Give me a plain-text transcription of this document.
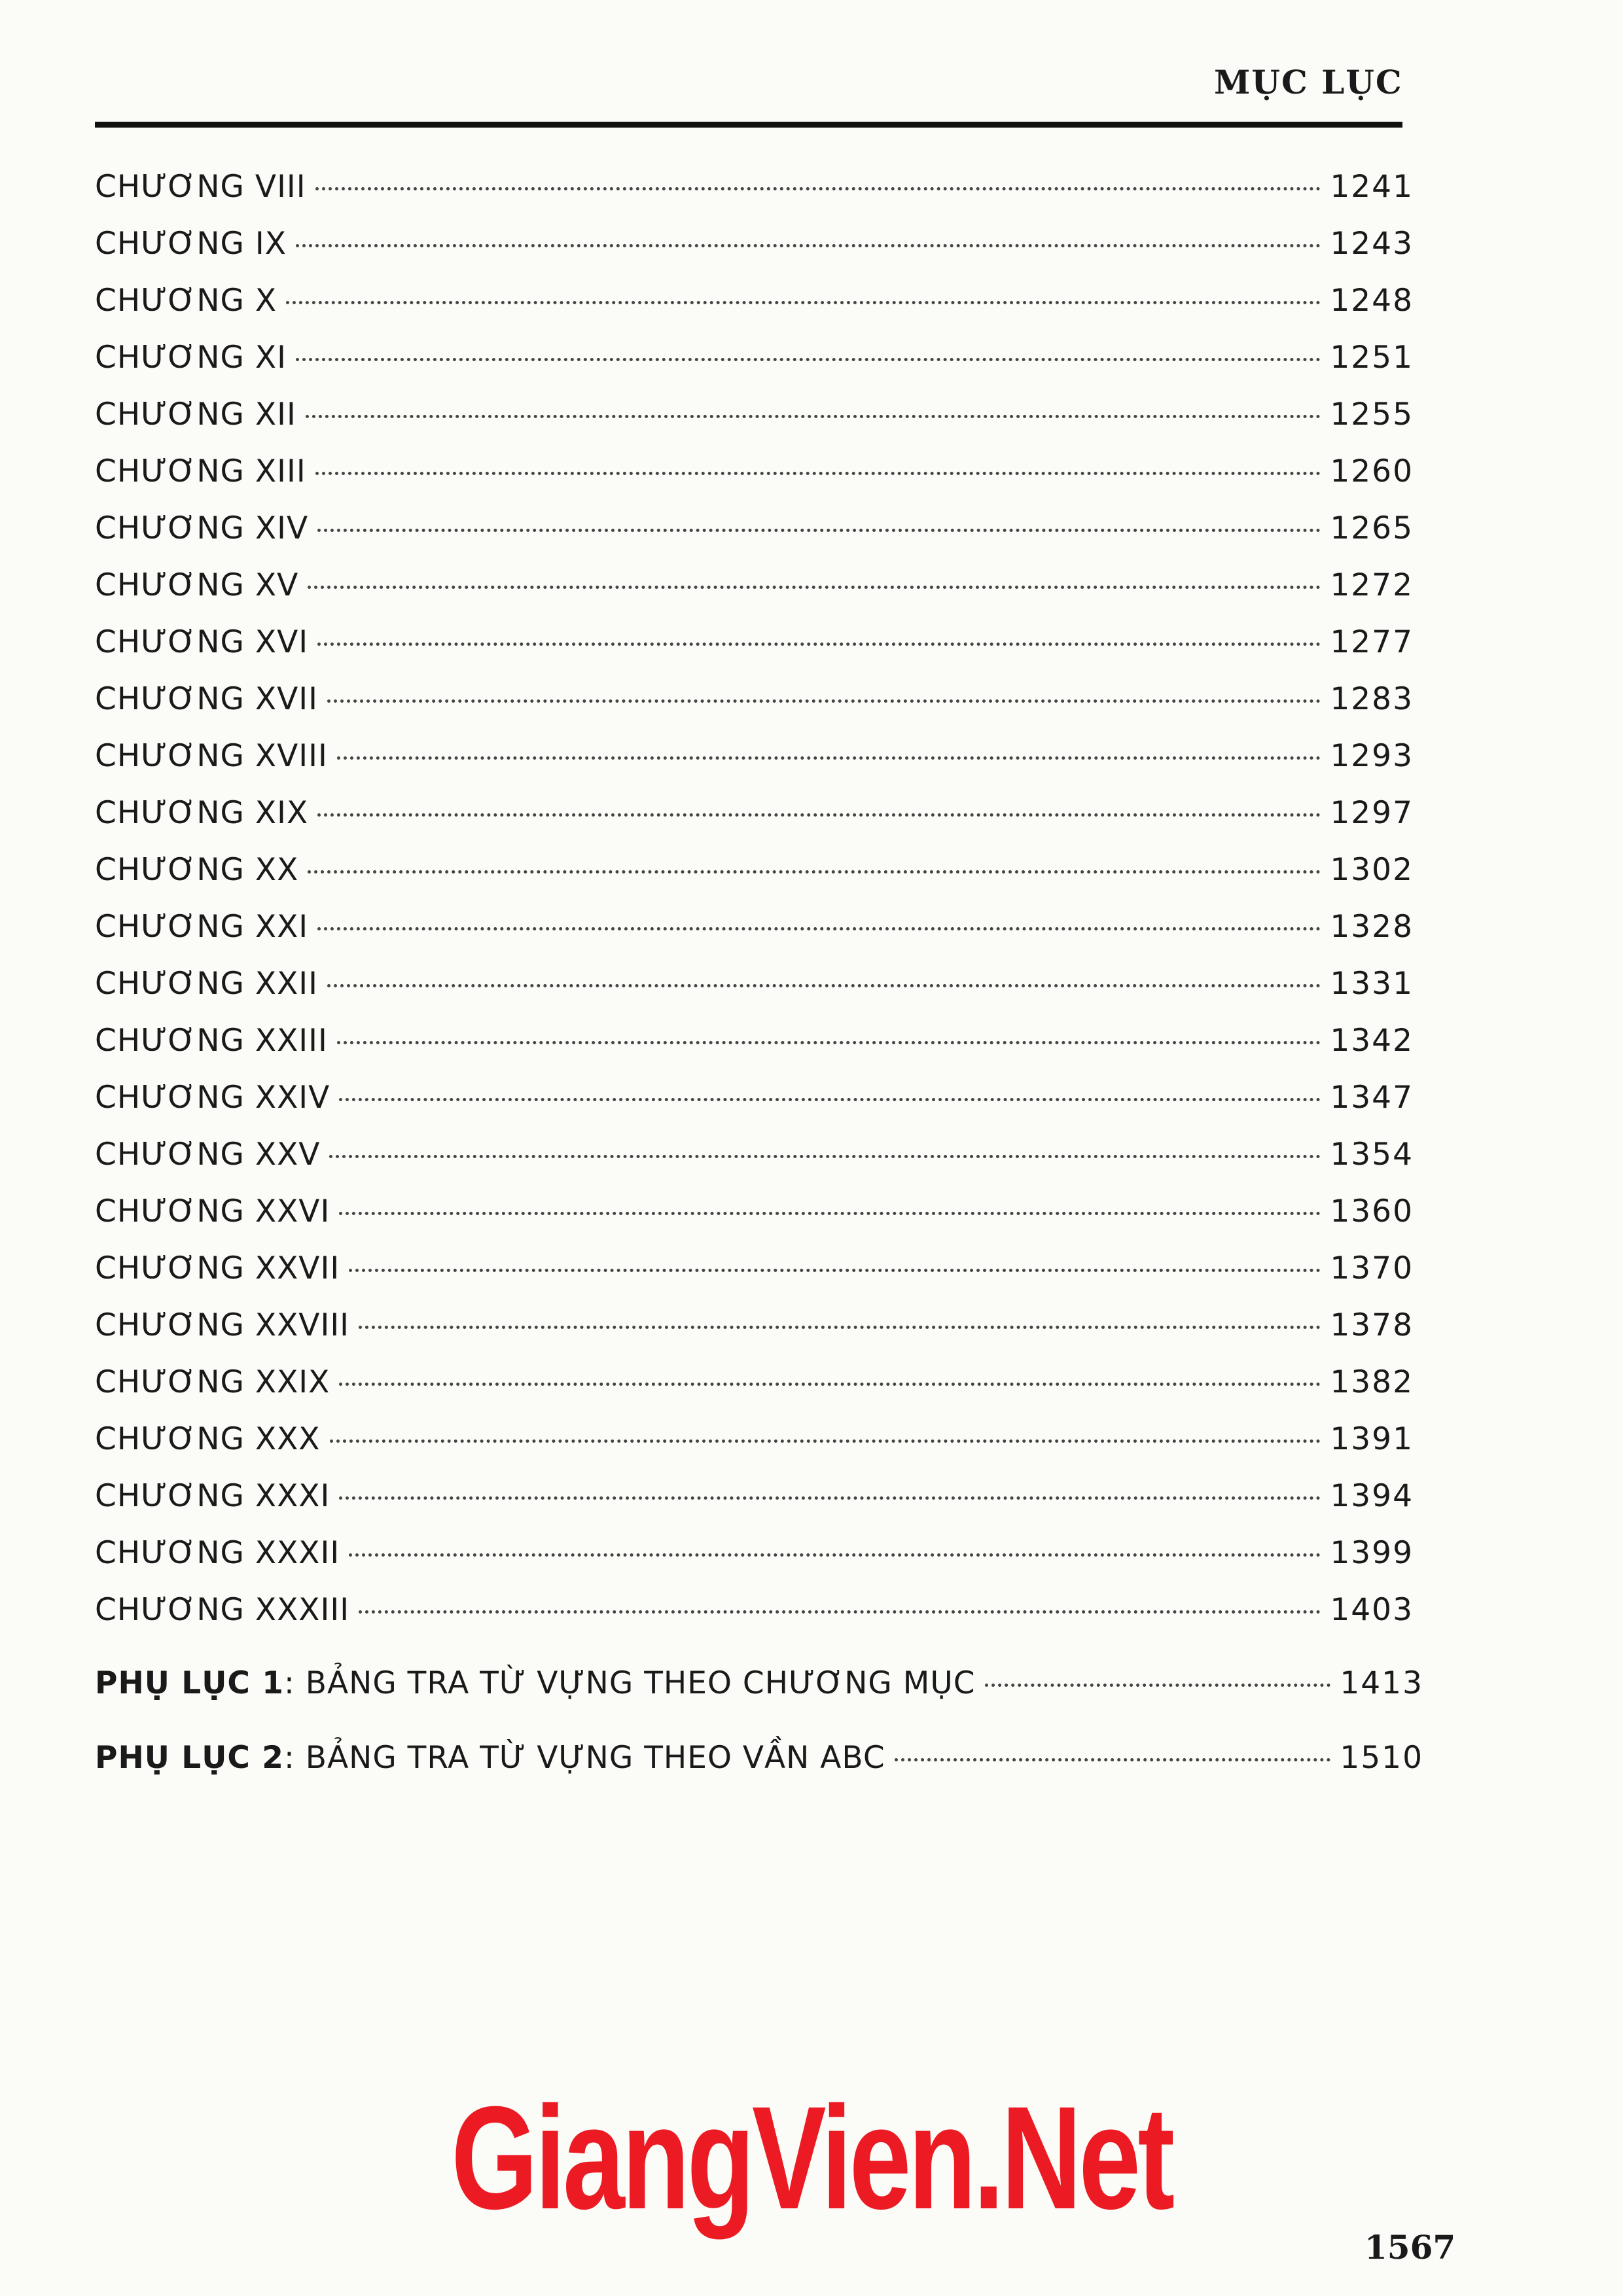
MỤC LỤC
CHƯƠNG VIII	1241
CHƯƠNG IX	1243
CHƯƠNG X	1248
CHƯƠNG XI	1251
CHƯƠNG XII	1255
CHƯƠNG XIII	1260
CHƯƠNG XIV	1265
CHƯƠNG XV	1272
CHƯƠNG XVI	1277
CHƯƠNG XVII	1283
CHƯƠNG XVIII	1293
CHƯƠNG XIX	1297
CHƯƠNG XX	1302
CHƯƠNG XXI	1328
CHƯƠNG XXII	1331
CHƯƠNG XXIII	1342
CHƯƠNG XXIV	1347
CHƯƠNG XXV	1354
CHƯƠNG XXVI	1360
CHƯƠNG XXVII	1370
CHƯƠNG XXVIII	1378
CHƯƠNG XXIX	1382
CHƯƠNG XXX	1391
CHƯƠNG XXXI	1394
CHƯƠNG XXXII	1399
CHƯƠNG XXXIII	1403
PHỤ LỤC 1: BẢNG TRA TỪ VỰNG THEO CHƯƠNG MỤC	1413
PHỤ LỤC 2: BẢNG TRA TỪ VỰNG THEO VẦN ABC	1510
GiangVien.Net
1567
